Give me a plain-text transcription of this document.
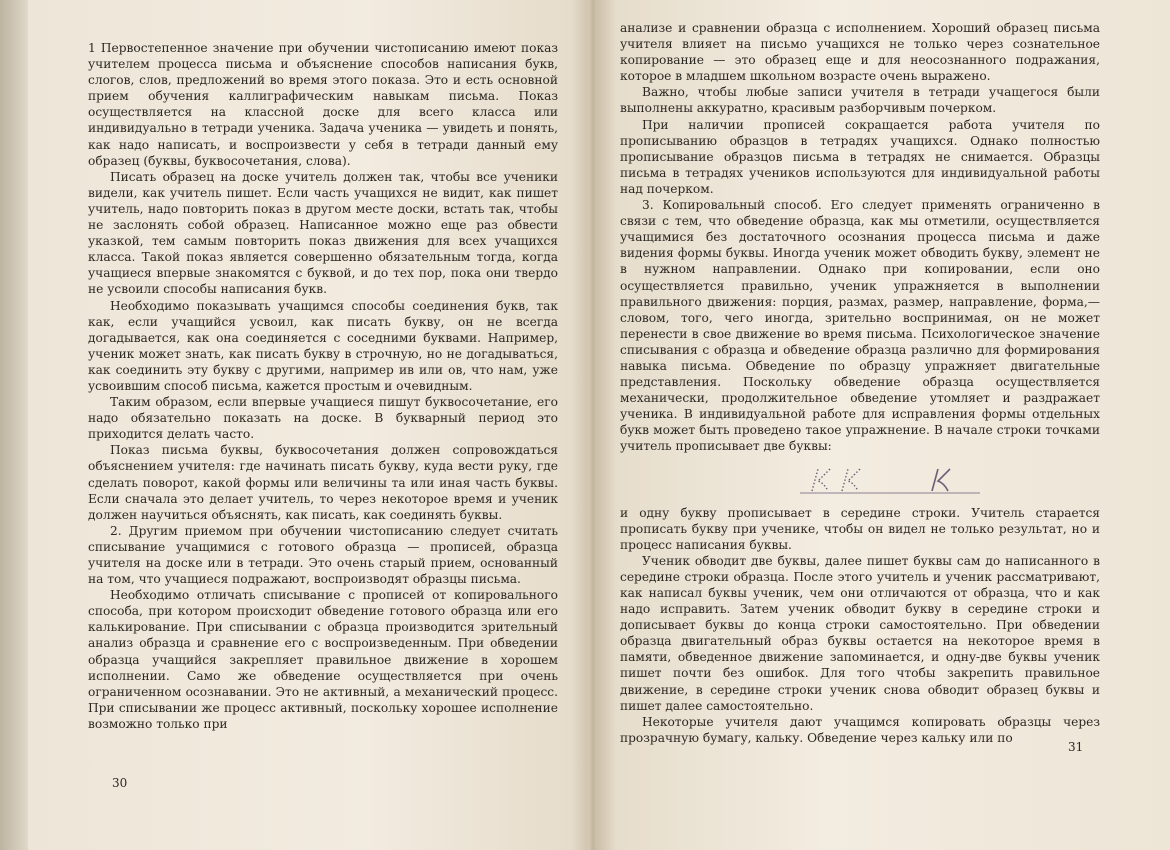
1 Первостепенное значение при обучении чистописанию имеют показ учителем процесса письма и объяснение способов написания букв, слогов, слов, предложений во время этого показа. Это и есть основной прием обучения каллиграфическим навыкам письма. Показ осуществляется на классной доске для всего класса или индивидуально в тетради ученика. Задача ученика — увидеть и понять, как надо написать, и воспроизвести у себя в тетради данный ему образец (буквы, буквосочетания, слова).

Писать образец на доске учитель должен так, чтобы все ученики видели, как учитель пишет. Если часть учащихся не видит, как пишет учитель, надо повторить показ в другом месте доски, встать так, чтобы не заслонять собой образец. Написанное можно еще раз обвести указкой, тем самым повторить показ движения для всех учащихся класса. Такой показ является совершенно обязательным тогда, когда учащиеся впервые знакомятся с буквой, и до тех пор, пока они твердо не усвоили способы написания букв.

Необходимо показывать учащимся способы соединения букв, так как, если учащийся усвоил, как писать букву, он не всегда догадывается, как она соединяется с соседними буквами. Например, ученик может знать, как писать букву в строчную, но не догадываться, как соединить эту букву с другими, например ив или ов, что нам, уже усвоившим способ письма, кажется простым и очевидным.

Таким образом, если впервые учащиеся пишут буквосочетание, его надо обязательно показать на доске. В букварный период это приходится делать часто.

Показ письма буквы, буквосочетания должен сопровождаться объяснением учителя: где начинать писать букву, куда вести руку, где сделать поворот, какой формы или величины та или иная часть буквы. Если сначала это делает учитель, то через некоторое время и ученик должен научиться объяснять, как писать, как соединять буквы.

2. Другим приемом при обучении чистописанию следует считать списывание учащимися с готового образца — прописей, образца учителя на доске или в тетради. Это очень старый прием, основанный на том, что учащиеся подражают, воспроизводят образцы письма.

Необходимо отличать списывание с прописей от копировального способа, при котором происходит обведение готового образца или его калькирование. При списывании с образца производится зрительный анализ образца и сравнение его с воспроизведенным. При обведении образца учащийся закрепляет правильное движение в хорошем исполнении. Само же обведение осуществляется при очень ограниченном осознавании. Это не активный, а механический процесс. При списывании же процесс активный, поскольку хорошее исполнение возможно только при

30

анализе и сравнении образца с исполнением. Хороший образец письма учителя влияет на письмо учащихся не только через сознательное копирование — это образец еще и для неосознанного подражания, которое в младшем школьном возрасте очень выражено.

Важно, чтобы любые записи учителя в тетради учащегося были выполнены аккуратно, красивым разборчивым почерком.

При наличии прописей сокращается работа учителя по прописыванию образцов в тетрадях учащихся. Однако полностью прописывание образцов письма в тетрадях не снимается. Образцы письма в тетрадях учеников используются для индивидуальной работы над почерком.

3. Копировальный способ. Его следует применять ограниченно в связи с тем, что обведение образца, как мы отметили, осуществляется учащимися без достаточного осознания процесса письма и даже видения формы буквы. Иногда ученик может обводить букву, элемент не в нужном направлении. Однако при копировании, если оно осуществляется правильно, ученик упражняется в выполнении правильного движения: порция, размах, размер, направление, форма,— словом, того, чего иногда, зрительно воспринимая, он не может перенести в свое движение во время письма. Психологическое значение списывания с образца и обведение образца различно для формирования навыка письма. Обведение по образцу упражняет двигательные представления. Поскольку обведение образца осуществляется механически, продолжительное обведение утомляет и раздражает ученика. В индивидуальной работе для исправления формы отдельных букв может быть проведено такое упражнение. В начале строки точками учитель прописывает две буквы:

К К К

и одну букву прописывает в середине строки. Учитель старается прописать букву при ученике, чтобы он видел не только результат, но и процесс написания буквы.

Ученик обводит две буквы, далее пишет буквы сам до написанного в середине строки образца. После этого учитель и ученик рассматривают, как написал буквы ученик, чем они отличаются от образца, что и как надо исправить. Затем ученик обводит букву в середине строки и дописывает буквы до конца строки самостоятельно. При обведении образца двигательный образ буквы остается на некоторое время в памяти, обведенное движение запоминается, и одну-две буквы ученик пишет почти без ошибок. Для того чтобы закрепить правильное движение, в середине строки ученик снова обводит образец буквы и пишет далее самостоятельно.

Некоторые учителя дают учащимся копировать образцы через прозрачную бумагу, кальку. Обведение через кальку или по

31
